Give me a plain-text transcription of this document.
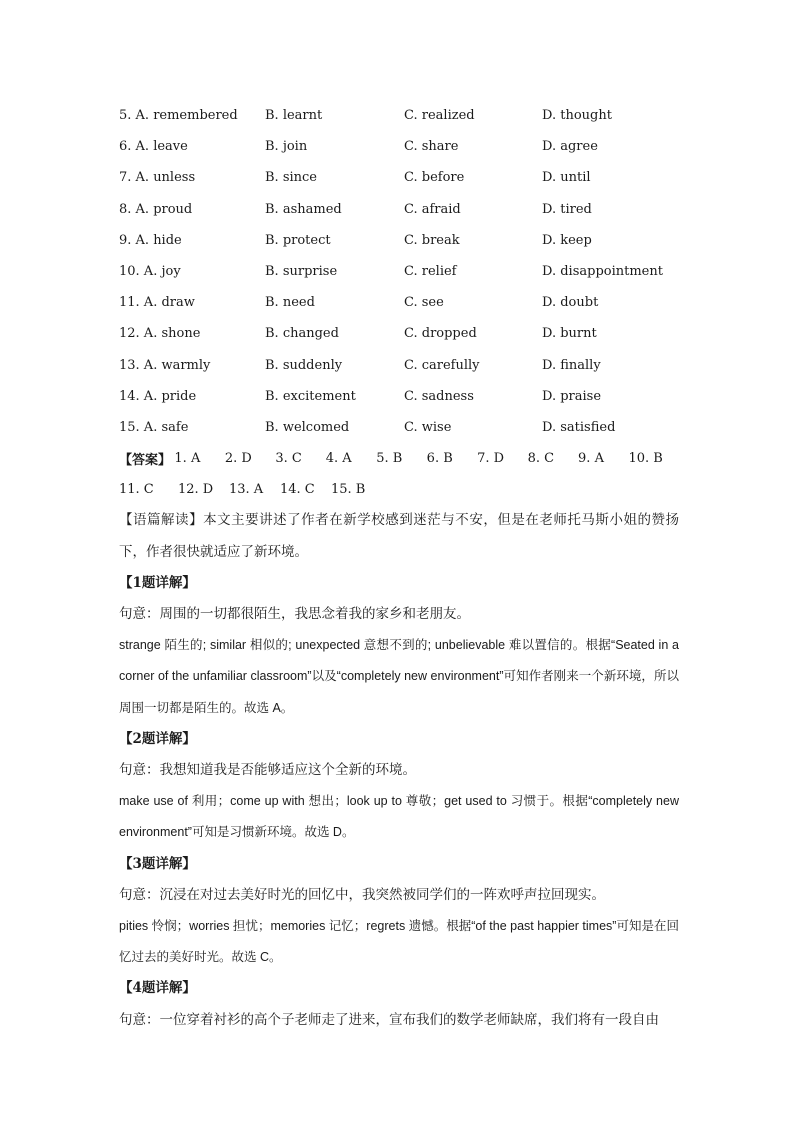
5. A. remembered	B. learnt	C. realized	D. thought
6. A. leave	B. join	C. share	D. agree
7. A. unless	B. since	C. before	D. until
8. A. proud	B. ashamed	C. afraid	D. tired
9. A. hide	B. protect	C. break	D. keep
10. A. joy	B. surprise	C. relief	D. disappointment
11. A. draw	B. need	C. see	D. doubt
12. A. shone	B. changed	C. dropped	D. burnt
13. A. warmly	B. suddenly	C. carefully	D. finally
14. A. pride	B. excitement	C. sadness	D. praise
15. A. safe	B. welcomed	C. wise	D. satisfied
【答案】 1. A	2. D	3. C	4. A	5. B	6. B	7. D	8. C	9. A	10. B
11. C	12. D	13. A	14. C	15. B
【语篇解读】本文主要讲述了作者在新学校感到迷茫与不安，但是在老师托马斯小姐的赞扬下，作者很快就适应了新环境。
【1题详解】
句意：周围的一切都很陌生，我思念着我的家乡和老朋友。
strange 陌生的; similar 相似的; unexpected 意想不到的; unbelievable 难以置信的。根据“Seated in a corner of the unfamiliar classroom”以及“completely new environment”可知作者刚来一个新环境，所以周围一切都是陌生的。故选 A。
【2题详解】
句意：我想知道我是否能够适应这个全新的环境。
make use of 利用；come up with 想出；look up to 尊敬；get used to 习惯于。根据“completely new environment”可知是习惯新环境。故选 D。
【3题详解】
句意：沉浸在对过去美好时光的回忆中，我突然被同学们的一阵欢呼声拉回现实。
pities 怜悯；worries 担忧；memories 记忆；regrets 遗憾。根据“of the past happier times”可知是在回忆过去的美好时光。故选 C。
【4题详解】
句意：一位穿着衬衫的高个子老师走了进来，宣布我们的数学老师缺席，我们将有一段自由
